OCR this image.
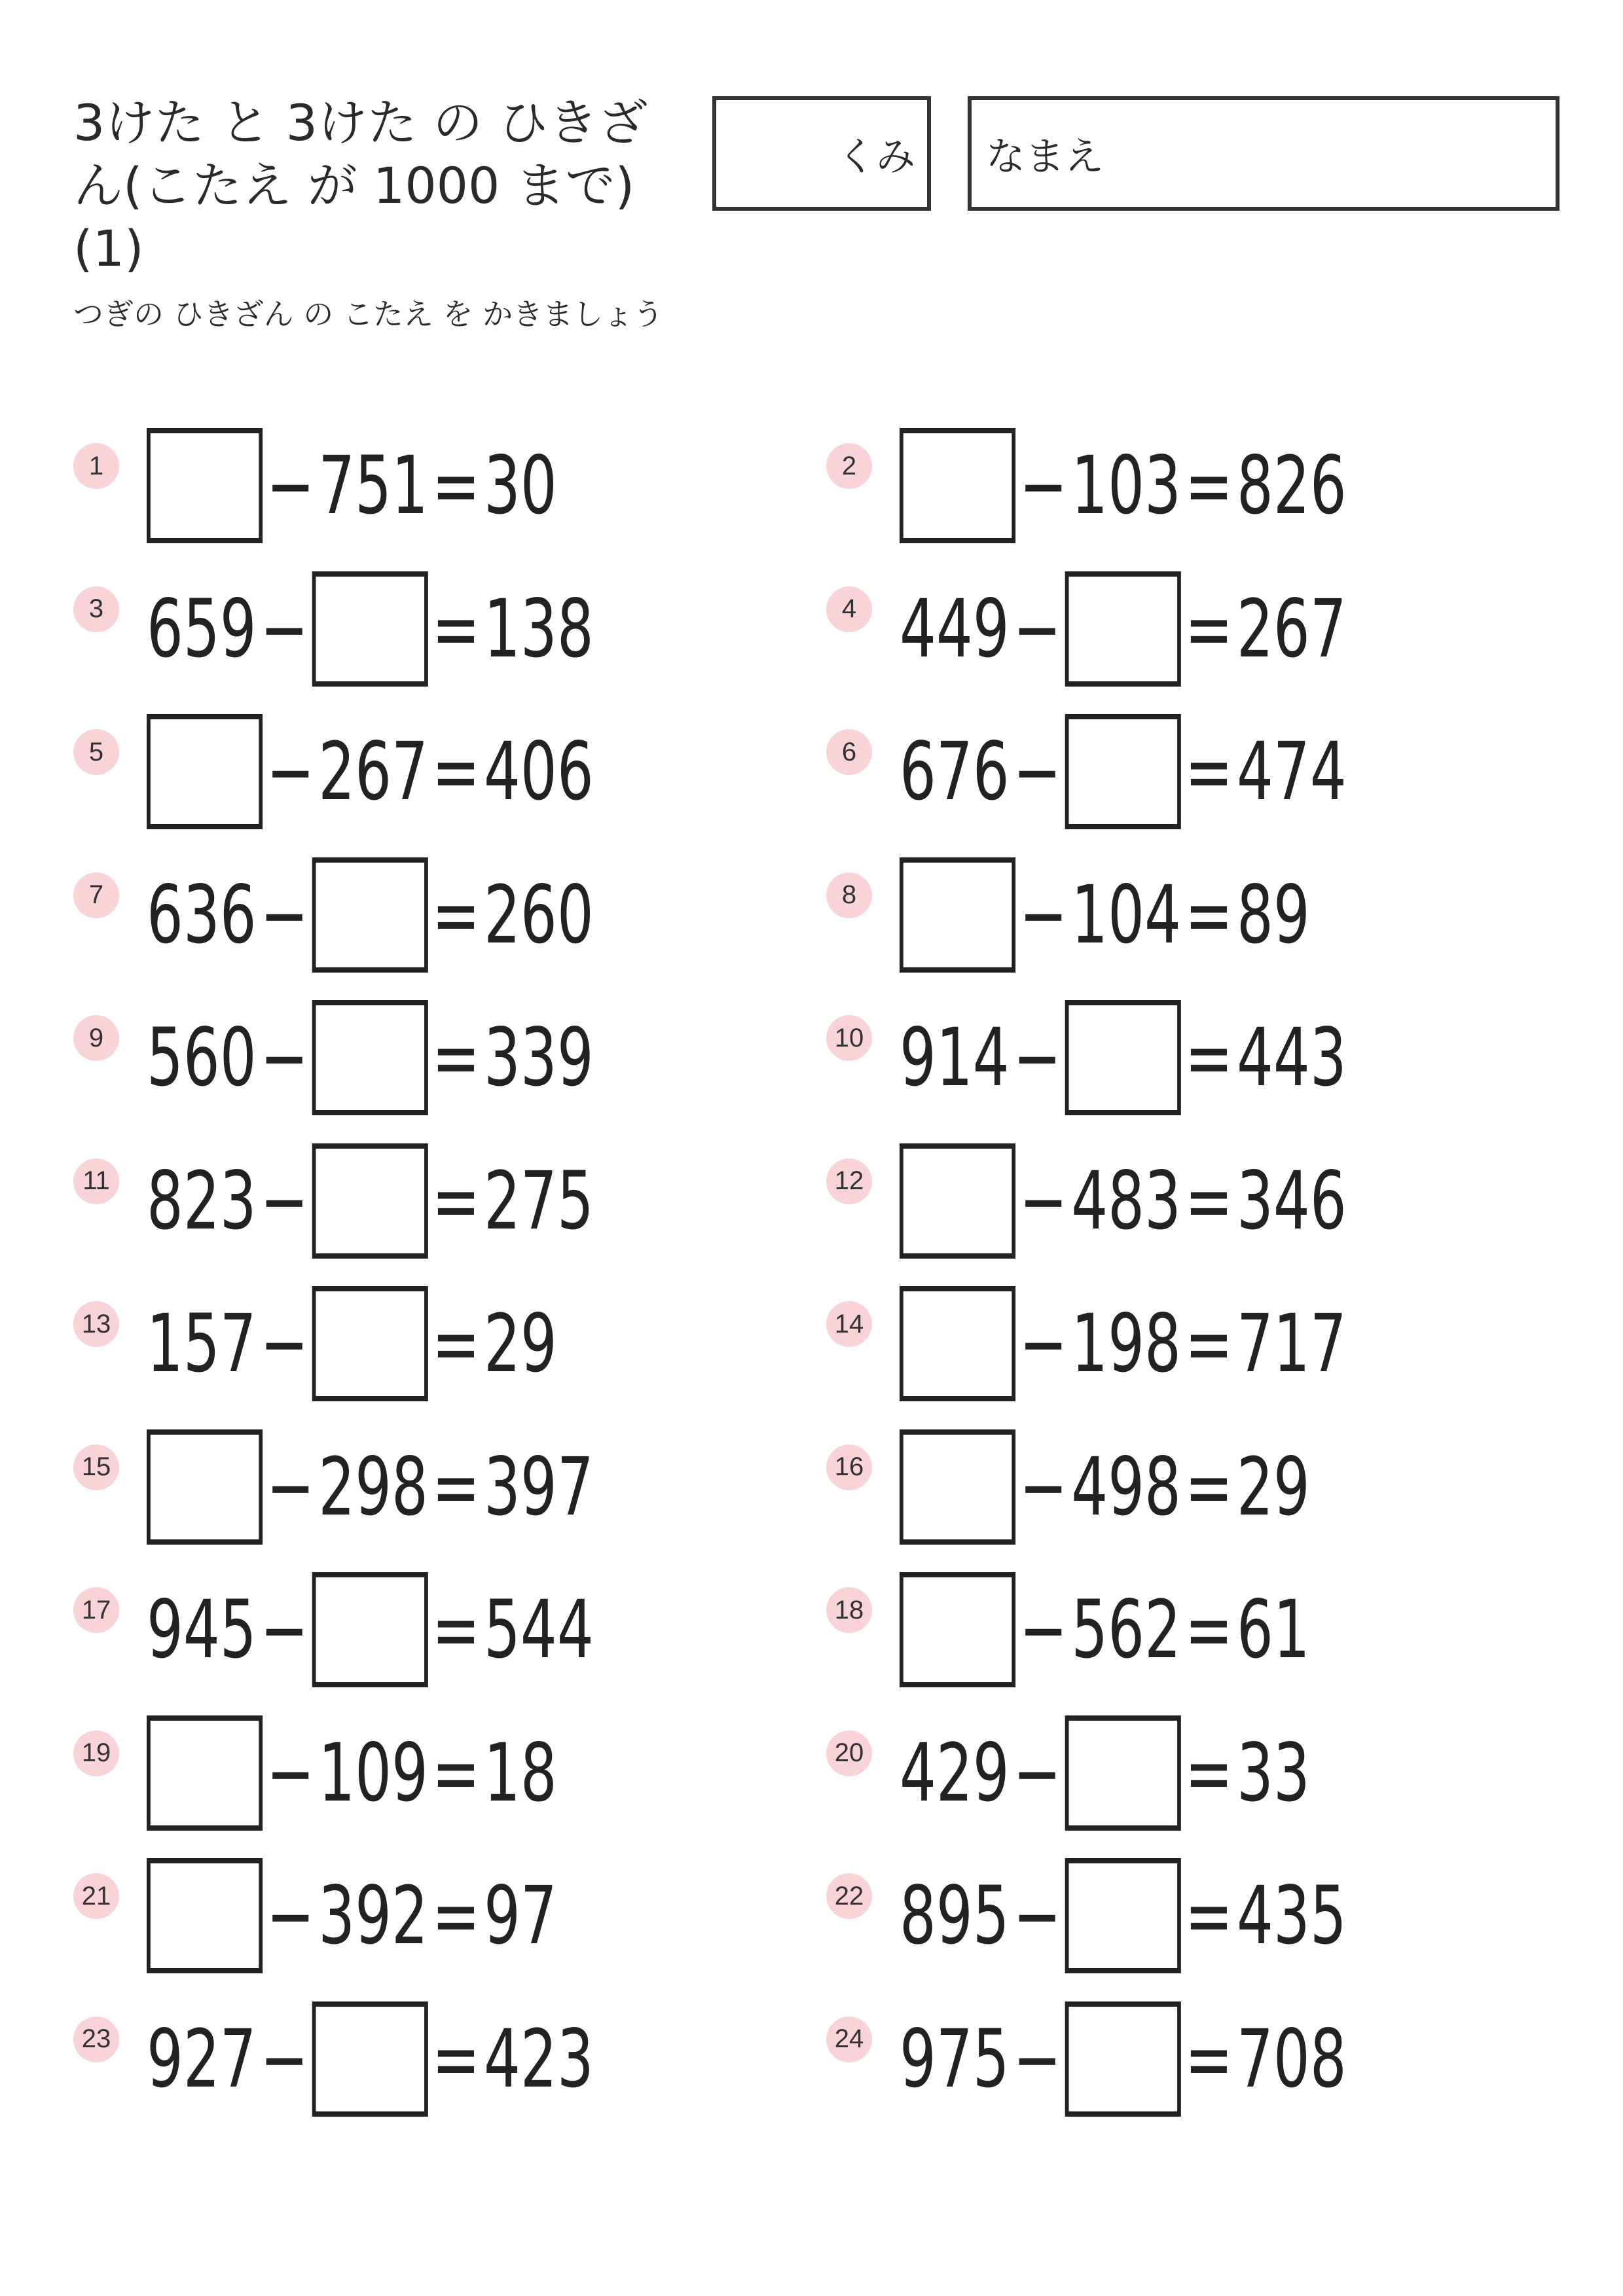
3けた と 3けた の ひきざん(こたえ が 1000 まで)(1)
つぎの ひきざん の こたえ を かきましょう
くみ なまえ
1 − 751 = 30	2 − 103 = 826
3 659 − = 138	4 449 − = 267
5 − 267 = 406	6 676 − = 474
7 636 − = 260	8 − 104 = 89
9 560 − = 339	10 914 − = 443
11 823 − = 275	12 − 483 = 346
13 157 − = 29	14 − 198 = 717
15 − 298 = 397	16 − 498 = 29
17 945 − = 544	18 − 562 = 61
19 − 109 = 18	20 429 − = 33
21 − 392 = 97	22 895 − = 435
23 927 − = 423	24 975 − = 708
